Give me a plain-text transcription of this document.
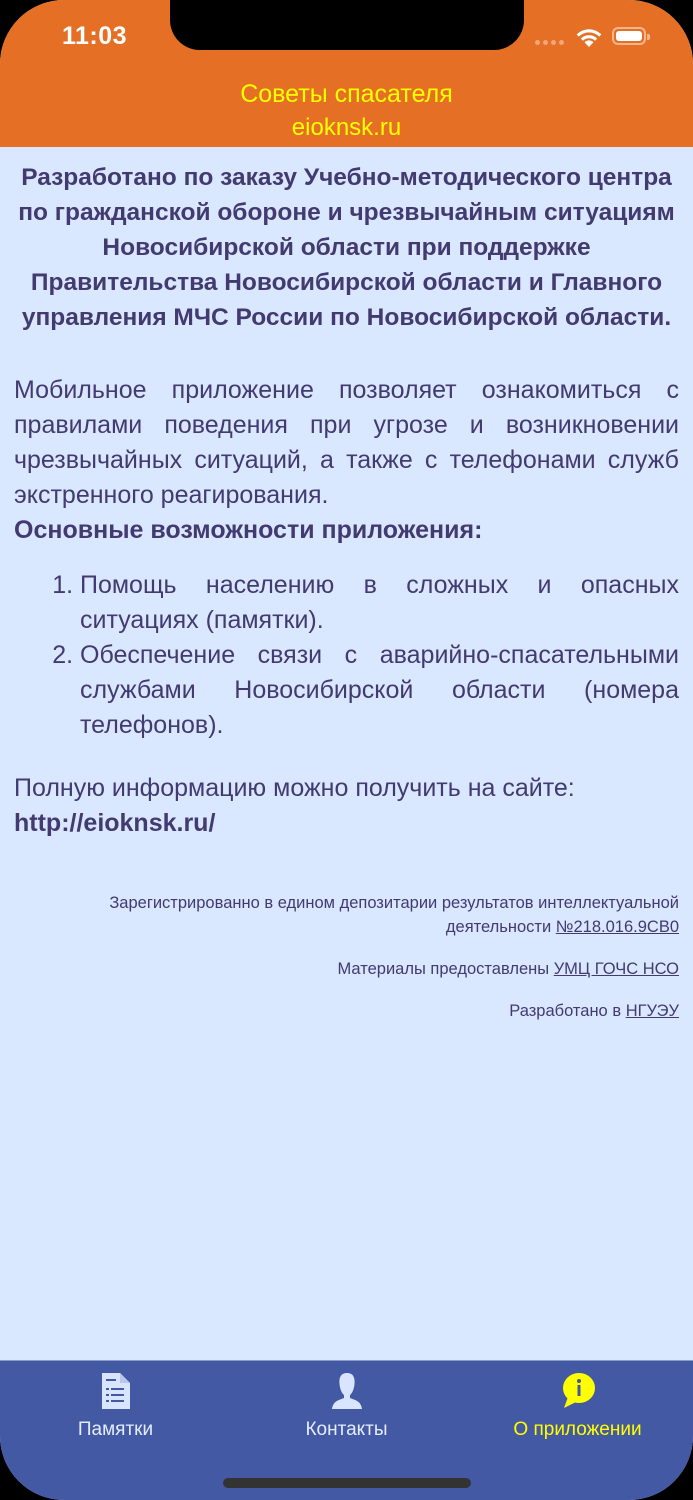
11:03
Советы спасателя
eioknsk.ru

Разработано по заказу Учебно-методического центра по гражданской обороне и чрезвычайным ситуациям Новосибирской области при поддержке Правительства Новосибирской области и Главного управления МЧС России по Новосибирской области.

Мобильное приложение позволяет ознакомиться с правилами поведения при угрозе и возникновении чрезвычайных ситуаций, а также с телефонами служб экстренного реагирования.

Основные возможности приложения:

1. Помощь населению в сложных и опасных ситуациях (памятки).
2. Обеспечение связи с аварийно-спасательными службами Новосибирской области (номера телефонов).
Полную информацию можно получить на сайте:
http://eioknsk.ru/

Зарегистрированно в едином депозитарии результатов интеллектуальной деятельности №218.016.9СВ0

Материалы предоставлены УМЦ ГОЧС НСО

Разработано в НГУЭУ

Памятки	Контакты	О приложении
